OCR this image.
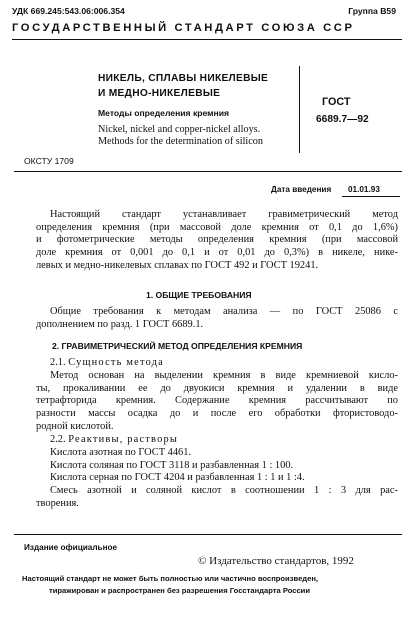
УДК 669.245:543.06:006.354	Группа В59
ГОСУДАРСТВЕННЫЙ СТАНДАРТ СОЮЗА ССР
НИКЕЛЬ, СПЛАВЫ НИКЕЛЕВЫЕ
И МЕДНО-НИКЕЛЕВЫЕ
Методы определения кремния
Nickel, nickel and copper-nickel alloys.
Methods for the determination of silicon
ГОСТ
6689.7—92
ОКСТУ 1709
Дата введения 01.01.93
Настоящий стандарт устанавливает гравиметрический метод
определения кремния (при массовой доле кремния от 0,1 до 1,6%)
и фотометрические методы определения кремния (при массовой
доле кремния от 0,001 до 0,1 и от 0,01 до 0,3%) в никеле, нике-
левых и медно-никелевых сплавах по ГОСТ 492 и ГОСТ 19241.
1. ОБЩИЕ ТРЕБОВАНИЯ
Общие требования к методам анализа — по ГОСТ 25086 с
дополнением по разд. 1 ГОСТ 6689.1.
2. ГРАВИМЕТРИЧЕСКИЙ МЕТОД ОПРЕДЕЛЕНИЯ КРЕМНИЯ
2.1. Сущность метода
Метод основан на выделении кремния в виде кремниевой кисло-
ты, прокаливании ее до двуокиси кремния и удалении в виде
тетрафторида кремния. Содержание кремния рассчитывают по
разности массы осадка до и после его обработки фтористоводо-
родной кислотой.
2.2. Реактивы, растворы
Кислота азотная по ГОСТ 4461.
Кислота соляная по ГОСТ 3118 и разбавленная 1 : 100.
Кислота серная по ГОСТ 4204 и разбавленная 1 : 1 и 1 :4.
Смесь азотной и соляной кислот в соотношении 1 : 3 для рас-
творения.
Издание официальное
© Издательство стандартов, 1992
Настоящий стандарт не может быть полностью или частично воспроизведен,
тиражирован и распространен без разрешения Госстандарта России
